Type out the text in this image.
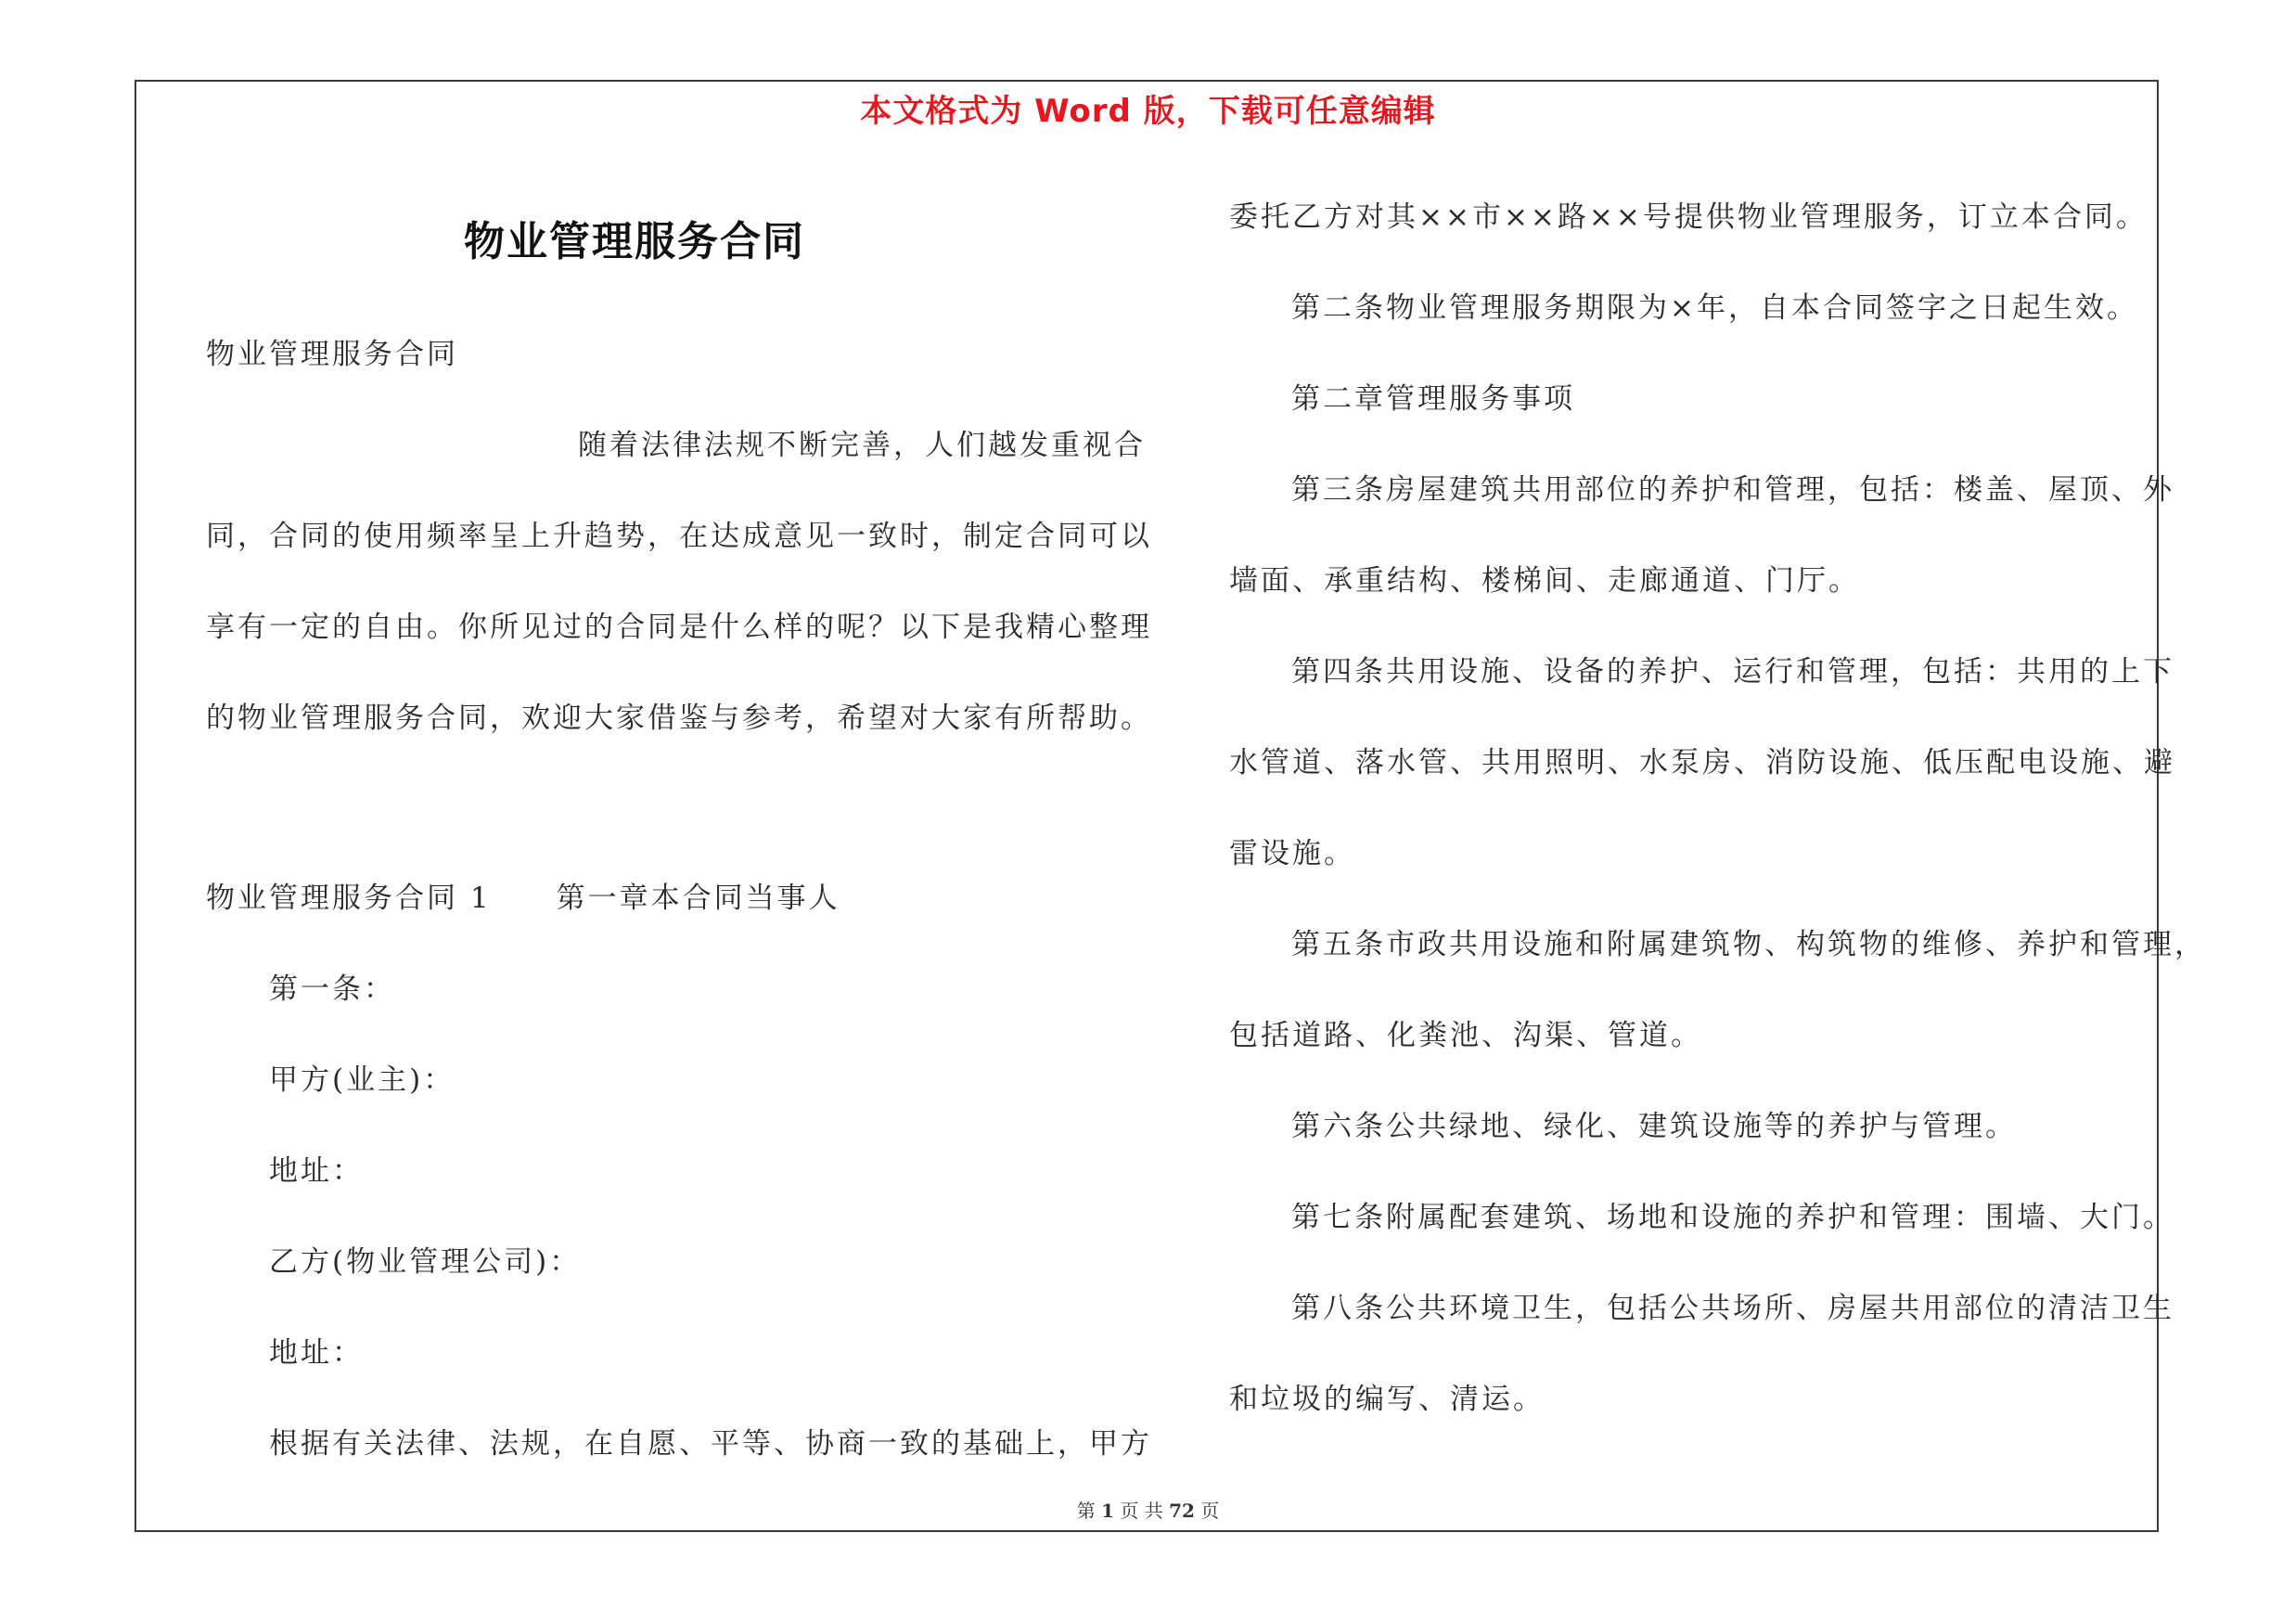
本文格式为 Word 版，下载可任意编辑
物业管理服务合同
物业管理服务合同
随着法律法规不断完善，人们越发重视合
同，合同的使用频率呈上升趋势，在达成意见一致时，制定合同可以
享有一定的自由。你所见过的合同是什么样的呢？以下是我精心整理
的物业管理服务合同，欢迎大家借鉴与参考，希望对大家有所帮助。
物业管理服务合同 1 第一章本合同当事人
第一条：
甲方(业主)：
地址：
乙方(物业管理公司)：
地址：
根据有关法律、法规，在自愿、平等、协商一致的基础上，甲方
委托乙方对其××市××路××号提供物业管理服务，订立本合同。
第二条物业管理服务期限为×年，自本合同签字之日起生效。
第二章管理服务事项
第三条房屋建筑共用部位的养护和管理，包括：楼盖、屋顶、外
墙面、承重结构、楼梯间、走廊通道、门厅。
第四条共用设施、设备的养护、运行和管理，包括：共用的上下
水管道、落水管、共用照明、水泵房、消防设施、低压配电设施、避
雷设施。
第五条市政共用设施和附属建筑物、构筑物的维修、养护和管理，
包括道路、化粪池、沟渠、管道。
第六条公共绿地、绿化、建筑设施等的养护与管理。
第七条附属配套建筑、场地和设施的养护和管理：围墙、大门。
第八条公共环境卫生，包括公共场所、房屋共用部位的清洁卫生
和垃圾的编写、清运。
第 1 页 共 72 页
